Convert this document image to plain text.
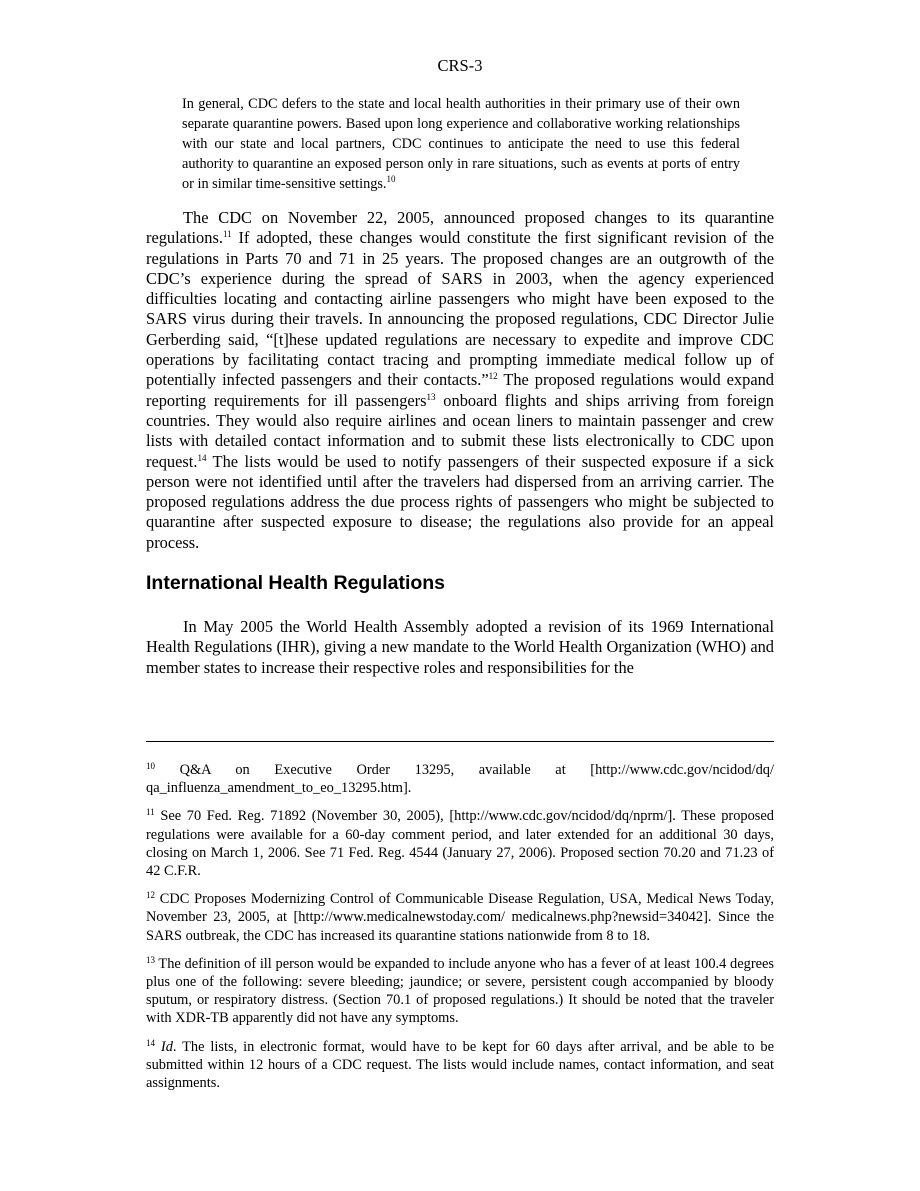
CRS-3
In general, CDC defers to the state and local health authorities in their primary use of their own separate quarantine powers. Based upon long experience and collaborative working relationships with our state and local partners, CDC continues to anticipate the need to use this federal authority to quarantine an exposed person only in rare situations, such as events at ports of entry or in similar time-sensitive settings.$^{10}$
The CDC on November 22, 2005, announced proposed changes to its quarantine regulations.$^{11}$ If adopted, these changes would constitute the first significant revision of the regulations in Parts 70 and 71 in 25 years. The proposed changes are an outgrowth of the CDC’s experience during the spread of SARS in 2003, when the agency experienced difficulties locating and contacting airline passengers who might have been exposed to the SARS virus during their travels. In announcing the proposed regulations, CDC Director Julie Gerberding said, “[t]hese updated regulations are necessary to expedite and improve CDC operations by facilitating contact tracing and prompting immediate medical follow up of potentially infected passengers and their contacts.”$^{12}$ The proposed regulations would expand reporting requirements for ill passengers$^{13}$ onboard flights and ships arriving from foreign countries. They would also require airlines and ocean liners to maintain passenger and crew lists with detailed contact information and to submit these lists electronically to CDC upon request.$^{14}$ The lists would be used to notify passengers of their suspected exposure if a sick person were not identified until after the travelers had dispersed from an arriving carrier. The proposed regulations address the due process rights of passengers who might be subjected to quarantine after suspected exposure to disease; the regulations also provide for an appeal process.
International Health Regulations
In May 2005 the World Health Assembly adopted a revision of its 1969 International Health Regulations (IHR), giving a new mandate to the World Health Organization (WHO) and member states to increase their respective roles and responsibilities for the

$^{10}$ Q&A on Executive Order 13295, available at [http://www.cdc.gov/ncidod/dq/ qa_influenza_amendment_to_eo_13295.htm].

$^{11}$ See 70 Fed. Reg. 71892 (November 30, 2005), [http://www.cdc.gov/ncidod/dq/nprm/]. These proposed regulations were available for a 60-day comment period, and later extended for an additional 30 days, closing on March 1, 2006. See 71 Fed. Reg. 4544 (January 27, 2006). Proposed section 70.20 and 71.23 of 42 C.F.R.

$^{12}$ CDC Proposes Modernizing Control of Communicable Disease Regulation, USA, Medical News Today, November 23, 2005, at [http://www.medicalnewstoday.com/ medicalnews.php?newsid=34042]. Since the SARS outbreak, the CDC has increased its quarantine stations nationwide from 8 to 18.

$^{13}$ The definition of ill person would be expanded to include anyone who has a fever of at least 100.4 degrees plus one of the following: severe bleeding; jaundice; or severe, persistent cough accompanied by bloody sputum, or respiratory distress. (Section 70.1 of proposed regulations.) It should be noted that the traveler with XDR-TB apparently did not have any symptoms.

$^{14}$ Id. The lists, in electronic format, would have to be kept for 60 days after arrival, and be able to be submitted within 12 hours of a CDC request. The lists would include names, contact information, and seat assignments.
